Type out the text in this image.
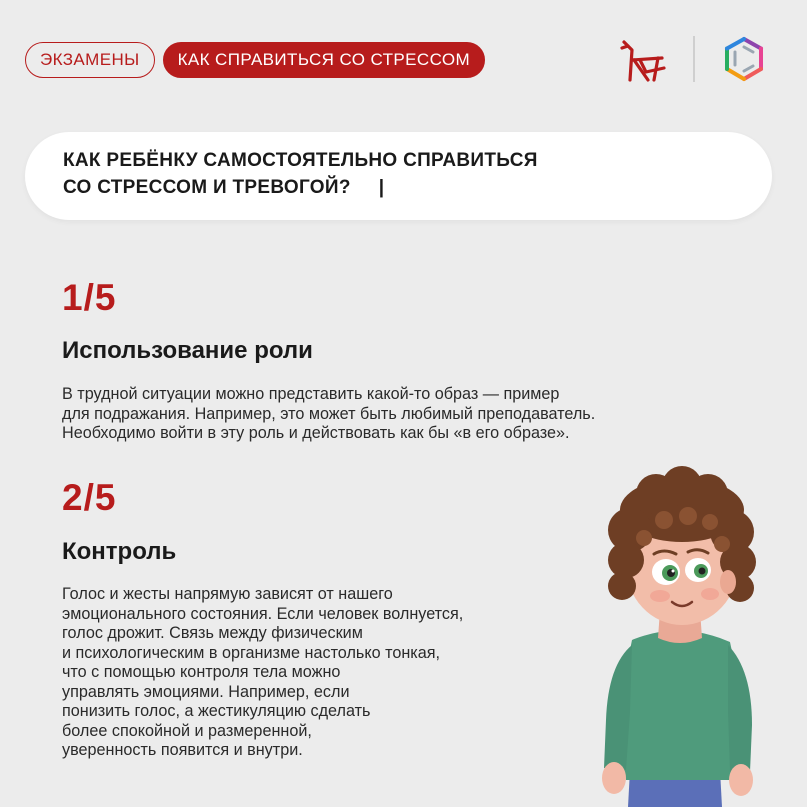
ЭКЗАМЕНЫ	КАК СПРАВИТЬСЯ СО СТРЕССОМ
КАК РЕБЁНКУ САМОСТОЯТЕЛЬНО СПРАВИТЬСЯ
СО СТРЕССОМ И ТРЕВОГОЙ? |
1/5
Использование роли
В трудной ситуации можно представить какой-то образ — пример
для подражания. Например, это может быть любимый преподаватель.
Необходимо войти в эту роль и действовать как бы «в его образе».
2/5
Контроль
Голос и жесты напрямую зависят от нашего
эмоционального состояния. Если человек волнуется,
голос дрожит. Связь между физическим
и психологическим в организме настолько тонкая,
что с помощью контроля тела можно
управлять эмоциями. Например, если
понизить голос, а жестикуляцию сделать
более спокойной и размеренной,
уверенность появится и внутри.
